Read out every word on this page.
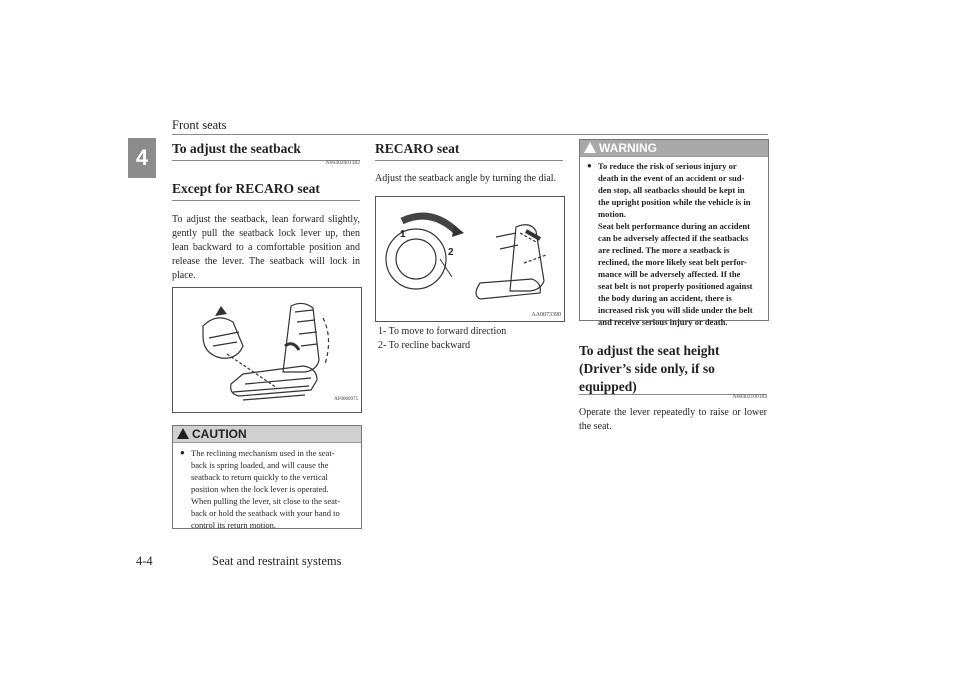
Front seats
4	To adjust the seatback
N00402001382
Except for RECARO seat
To adjust the seatback, lean forward slightly, gently pull the seatback lock lever up, then lean backward to a comfortable position and release the lever. The seatback will lock in place.
AF0060975
CAUTION
● The reclining mechanism used in the seat-
back is spring loaded, and will cause the
seatback to return quickly to the vertical
position when the lock lever is operated.
When pulling the lever, sit close to the seat-
back or hold the seatback with your hand to
control its return motion.
RECARO seat
Adjust the seatback angle by turning the dial.
1
2
AA0073390
1- To move to forward direction
2- To recline backward
WARNING
● To reduce the risk of serious injury or
death in the event of an accident or sud-
den stop, all seatbacks should be kept in
the upright position while the vehicle is in
motion.
Seat belt performance during an accident
can be adversely affected if the seatbacks
are reclined. The more a seatback is
reclined, the more likely seat belt perfor-
mance will be adversely affected. If the
seat belt is not properly positioned against
the body during an accident, there is
increased risk you will slide under the belt
and receive serious injury or death.
To adjust the seat height
(Driver’s side only, if so
equipped)
N00402100184
Operate the lever repeatedly to raise or lower the seat.
4-4	Seat and restraint systems
